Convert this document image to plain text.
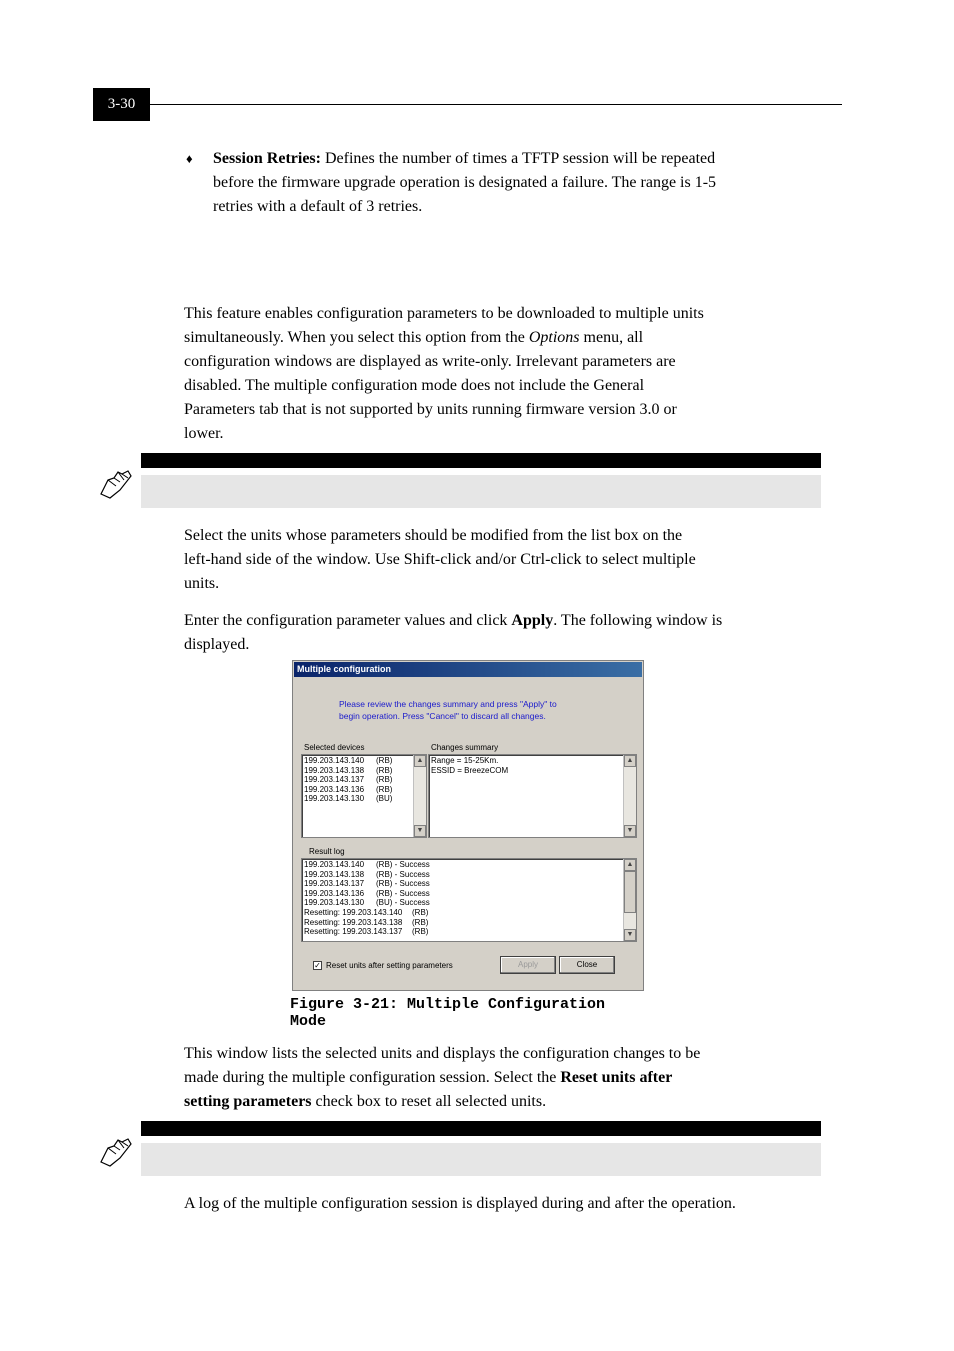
3-30
♦ Session Retries: Defines the number of times a TFTP session will be repeated
before the firmware upgrade operation is designated a failure. The range is 1-5
retries with a default of 3 retries.
This feature enables configuration parameters to be downloaded to multiple units
simultaneously. When you select this option from the Options menu, all
configuration windows are displayed as write-only. Irrelevant parameters are
disabled. The multiple configuration mode does not include the General
Parameters tab that is not supported by units running firmware version 3.0 or
lower.
Select the units whose parameters should be modified from the list box on the
left-hand side of the window. Use Shift-click and/or Ctrl-click to select multiple
units.
Enter the configuration parameter values and click Apply. The following window is
displayed.
Multiple configuration
Please review the changes summary and press "Apply" to
begin operation. Press "Cancel" to discard all changes.
Selected devices	Changes summary
199.203.143.140	(RB)
199.203.143.138	(RB)
199.203.143.137	(RB)
199.203.143.136	(RB)
199.203.143.130	(BU)
▲
▼
Range = 15-25Km.
ESSID = BreezeCOM
▲
▼
Result log
199.203.143.140	(RB) - Success
199.203.143.138	(RB) - Success
199.203.143.137	(RB) - Success
199.203.143.136	(RB) - Success
199.203.143.130	(BU) - Success
Resetting: 199.203.143.140	(RB)
Resetting: 199.203.143.138	(RB)
Resetting: 199.203.143.137	(RB)
▲
▼
✓ Reset units after setting parameters	Apply	Close
Figure 3-21: Multiple Configuration Mode
This window lists the selected units and displays the configuration changes to be
made during the multiple configuration session. Select the Reset units after
setting parameters check box to reset all selected units.
A log of the multiple configuration session is displayed during and after the operation.
